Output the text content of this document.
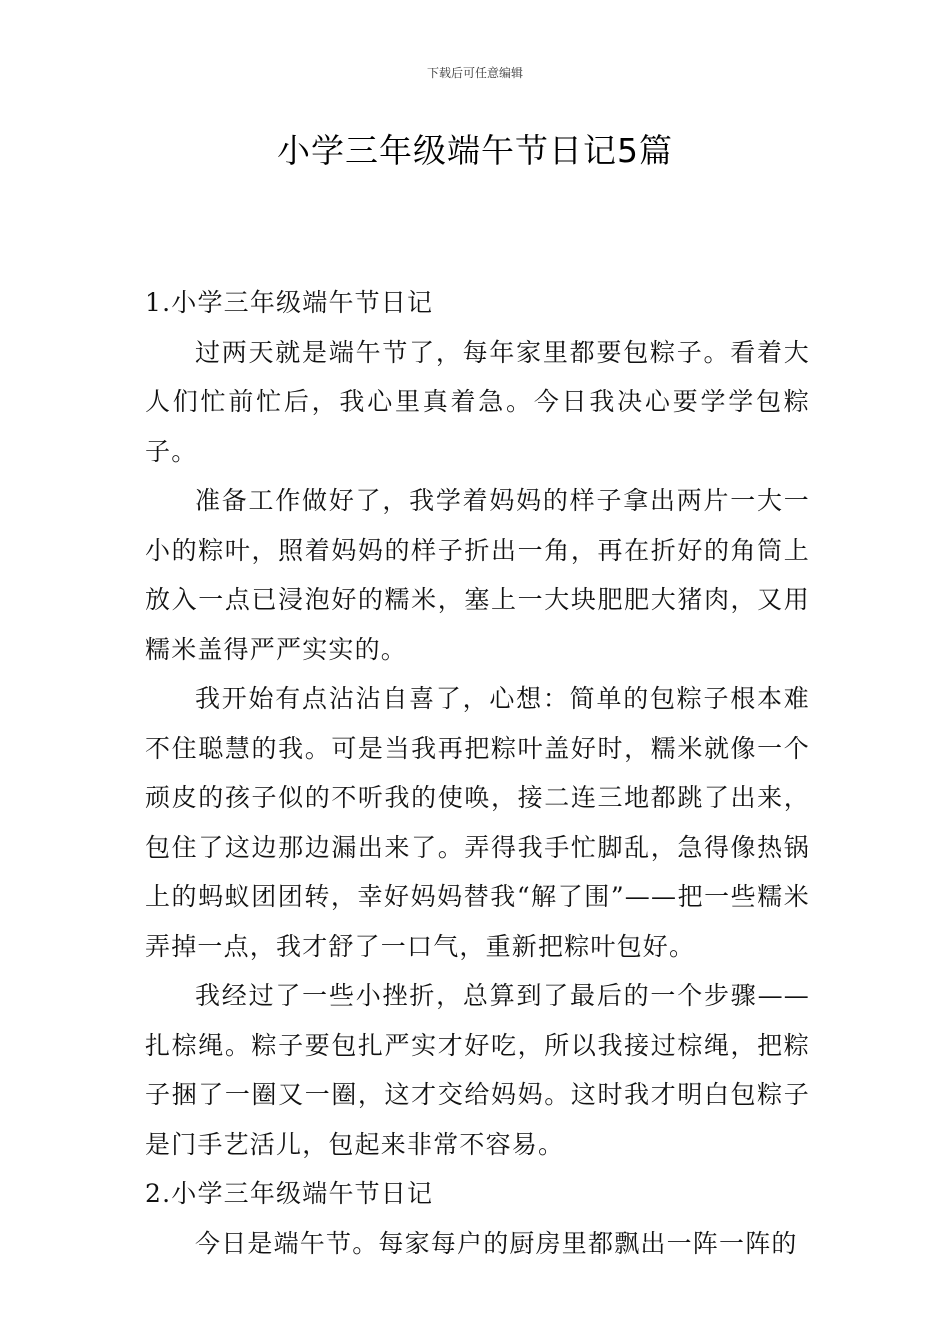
下载后可任意编辑
小学三年级端午节日记5篇

1.小学三年级端午节日记

过两天就是端午节了，每年家里都要包粽子。看着大人们忙前忙后，我心里真着急。今日我决心要学学包粽子。

准备工作做好了，我学着妈妈的样子拿出两片一大一小的粽叶，照着妈妈的样子折出一角，再在折好的角筒上放入一点已浸泡好的糯米，塞上一大块肥肥大猪肉，又用糯米盖得严严实实的。

我开始有点沾沾自喜了，心想：简单的包粽子根本难不住聪慧的我。可是当我再把粽叶盖好时，糯米就像一个顽皮的孩子似的不听我的使唤，接二连三地都跳了出来，包住了这边那边漏出来了。弄得我手忙脚乱，急得像热锅上的蚂蚁团团转，幸好妈妈替我“解了围”——把一些糯米弄掉一点，我才舒了一口气，重新把粽叶包好。

我经过了一些小挫折，总算到了最后的一个步骤——扎棕绳。粽子要包扎严实才好吃，所以我接过棕绳，把粽子捆了一圈又一圈，这才交给妈妈。这时我才明白包粽子是门手艺活儿，包起来非常不容易。

2.小学三年级端午节日记

今日是端午节。每家每户的厨房里都飘出一阵一阵的
